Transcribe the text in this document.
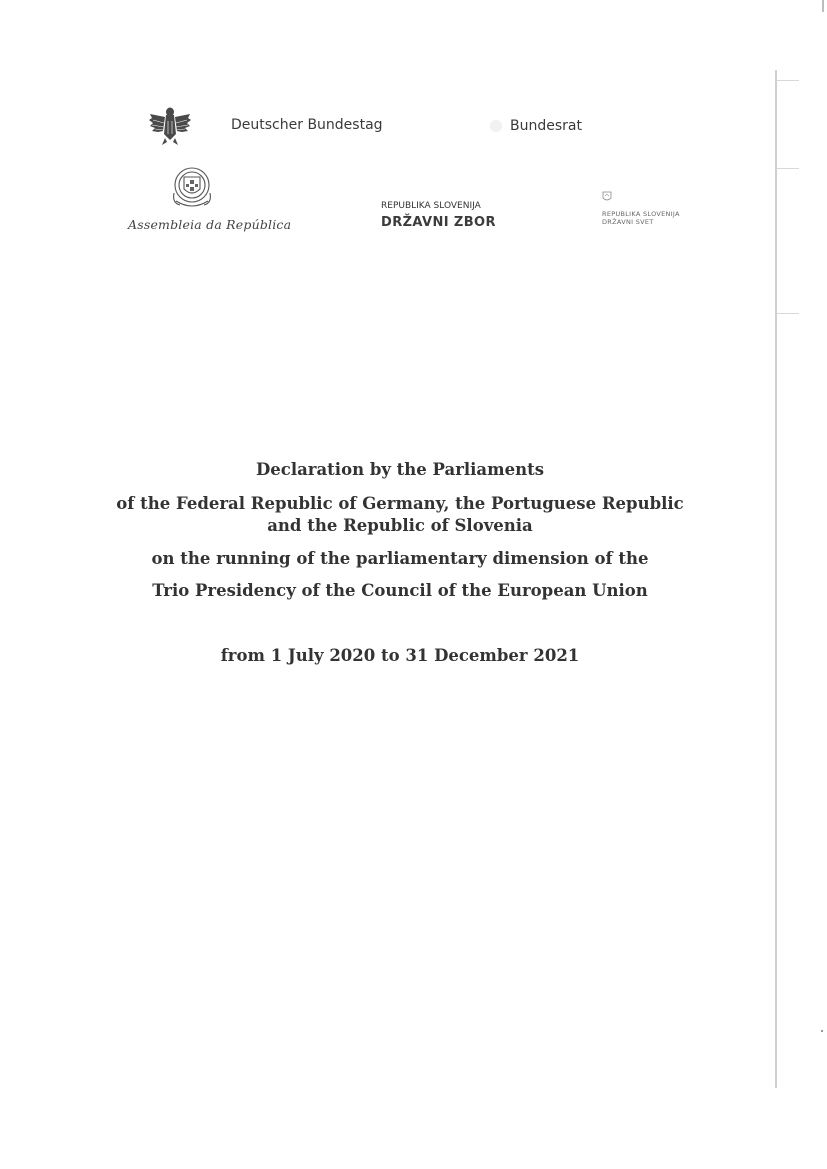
Deutscher Bundestag	Bundesrat
Assembleia da República
REPUBLIKA SLOVENIJA
DRŽAVNI ZBOR
REPUBLIKA SLOVENIJA
DRŽAVNI SVET
Declaration by the Parliaments
of the Federal Republic of Germany, the Portuguese Republic
and the Republic of Slovenia
on the running of the parliamentary dimension of the
Trio Presidency of the Council of the European Union
from 1 July 2020 to 31 December 2021
